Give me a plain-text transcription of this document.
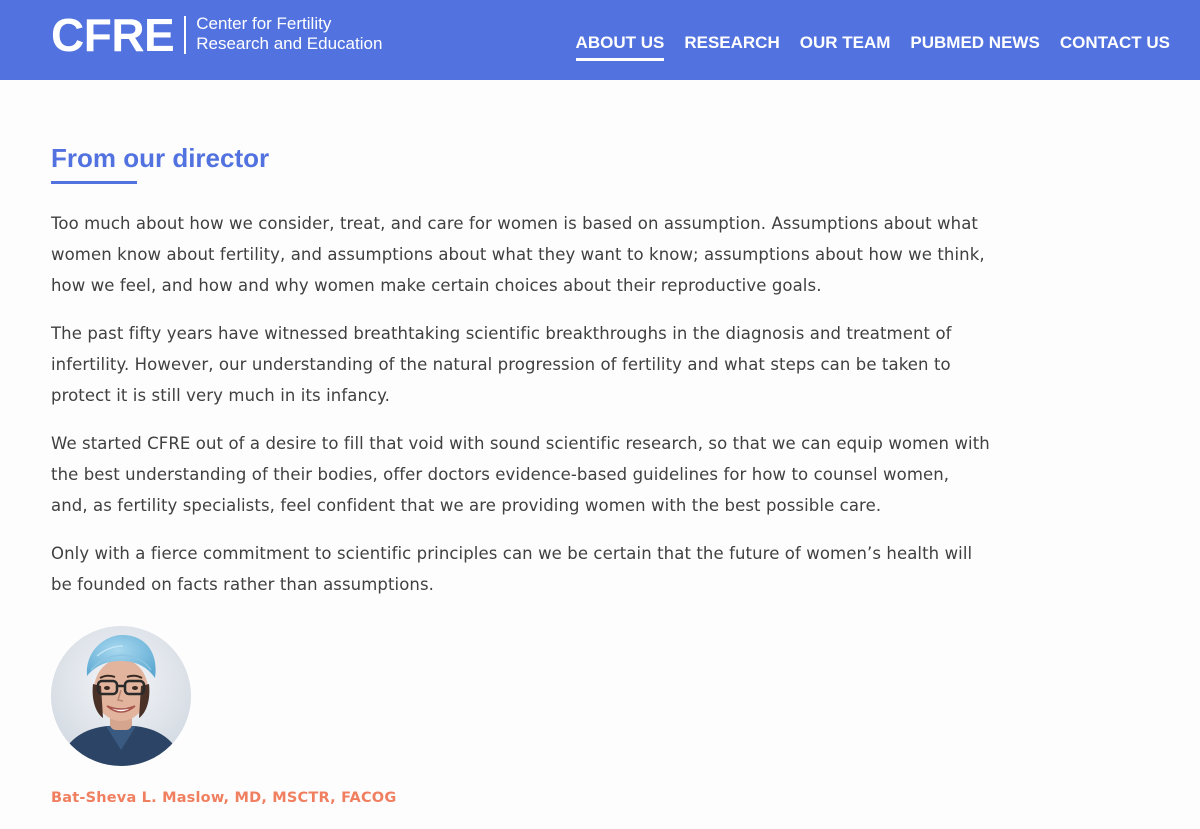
CFRE Center for Fertility
Research and Education	ABOUT US RESEARCH OUR TEAM PUBMED NEWS CONTACT US
From our director

Too much about how we consider, treat, and care for women is based on assumption. Assumptions about what women know about fertility, and assumptions about what they want to know; assumptions about how we think, how we feel, and how and why women make certain choices about their reproductive goals.

The past fifty years have witnessed breathtaking scientific breakthroughs in the diagnosis and treatment of infertility. However, our understanding of the natural progression of fertility and what steps can be taken to protect it is still very much in its infancy.

We started CFRE out of a desire to fill that void with sound scientific research, so that we can equip women with the best understanding of their bodies, offer doctors evidence-based guidelines for how to counsel women, and, as fertility specialists, feel confident that we are providing women with the best possible care.

Only with a fierce commitment to scientific principles can we be certain that the future of women’s health will be founded on facts rather than assumptions.

Bat-Sheva L. Maslow, MD, MSCTR, FACOG
